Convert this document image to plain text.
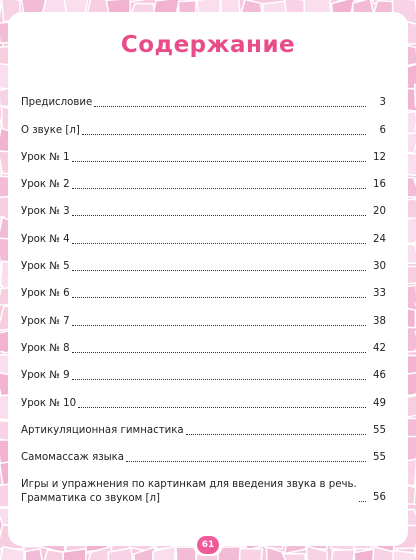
Содержание
Предисловие	3
О звуке [л]	6
Урок № 1	12
Урок № 2	16
Урок № 3	20
Урок № 4	24
Урок № 5	30
Урок № 6	33
Урок № 7	38
Урок № 8	42
Урок № 9	46
Урок № 10	49
Артикуляционная гимнастика	55
Самомассаж языка	55
Игры и упражнения по картинкам для введения звука в речь.
Грамматика со звуком [л]	56
61
